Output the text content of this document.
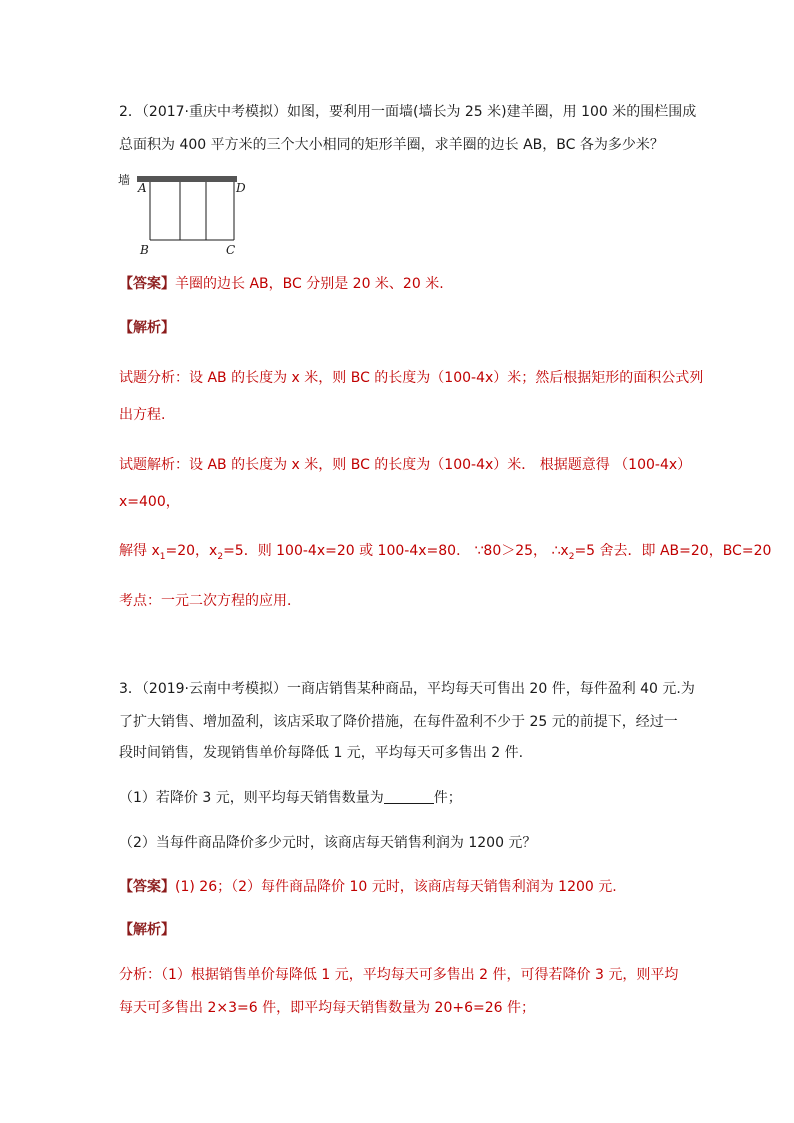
2．（2017·重庆中考模拟）如图，要利用一面墙(墙长为 25 米)建羊圈，用 100 米的围栏围成
总面积为 400 平方米的三个大小相同的矩形羊圈，求羊圈的边长 AB，BC 各为多少米？
墙
A	D
B	C
【答案】羊圈的边长 AB，BC 分别是 20 米、20 米.
【解析】
试题分析：设 AB 的长度为 x 米，则 BC 的长度为（100-4x）米；然后根据矩形的面积公式列
出方程.
试题解析：设 AB 的长度为 x 米，则 BC 的长度为（100-4x）米． 根据题意得 （100-4x）
x=400，
解得 $x_1=20$，$x_2=5$．则 100-4x=20 或 100-4x=80． ∵80＞25， $\therefore x_2=5$ 舍去．即 AB=20，BC=20
考点：一元二次方程的应用．
3．（2019·云南中考模拟）一商店销售某种商品，平均每天可售出 20 件，每件盈利 40 元.为
了扩大销售、增加盈利，该店采取了降价措施，在每件盈利不少于 25 元的前提下，经过一
段时间销售，发现销售单价每降低 1 元，平均每天可多售出 2 件.
（1）若降价 3 元，则平均每天销售数量为	件；
（2）当每件商品降价多少元时，该商店每天销售利润为 1200 元？
【答案】(1) 26；（2）每件商品降价 10 元时，该商店每天销售利润为 1200 元.
【解析】
分析：（1）根据销售单价每降低 1 元，平均每天可多售出 2 件，可得若降价 3 元，则平均
每天可多售出 2×3=6 件，即平均每天销售数量为 20+6=26 件；
